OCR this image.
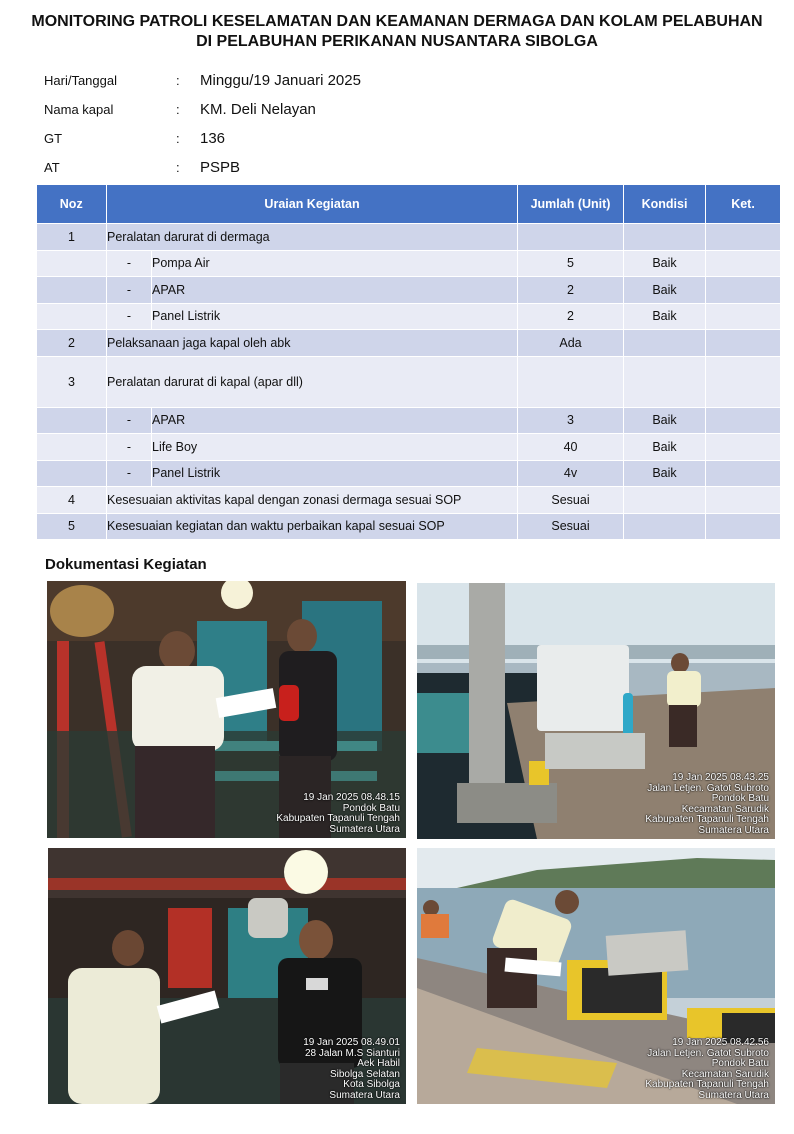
MONITORING PATROLI KESELAMATAN DAN KEAMANAN DERMAGA DAN KOLAM PELABUHAN
DI PELABUHAN PERIKANAN NUSANTARA SIBOLGA
Hari/Tanggal	:	Minggu/19 Januari 2025
Nama kapal	:	KM. Deli Nelayan
GT	:	136
AT	:	PSPB
Noz	Uraian Kegiatan		Jumlah (Unit)	Kondisi	Ket.
1	Peralatan darurat di dermaga				
	-	Pompa Air	5	Baik	
	-	APAR	2	Baik	
	-	Panel Listrik	2	Baik	
2	Pelaksanaan jaga kapal oleh abk		Ada		
3	Peralatan darurat di kapal (apar dll)				
	-	APAR	3	Baik	
	-	Life Boy	40	Baik	
	-	Panel Listrik	4v	Baik	
4	Kesesuaian aktivitas kapal dengan zonasi dermaga sesuai SOP		Sesuai		
5	Kesesuaian kegiatan dan waktu perbaikan kapal sesuai SOP		Sesuai		
Dokumentasi Kegiatan
19 Jan 2025 08.48.15
Pondok Batu
Kabupaten Tapanuli Tengah
Sumatera Utara
19 Jan 2025 08.43.25
Jalan Letjen. Gatot Subroto
Pondok Batu
Kecamatan Sarudik
Kabupaten Tapanuli Tengah
Sumatera Utara
19 Jan 2025 08.49.01
28 Jalan M.S Sianturi
Aek Habil
Sibolga Selatan
Kota Sibolga
Sumatera Utara
19 Jan 2025 08.42.56
Jalan Letjen. Gatot Subroto
Pondok Batu
Kecamatan Sarudik
Kabupaten Tapanuli Tengah
Sumatera Utara
